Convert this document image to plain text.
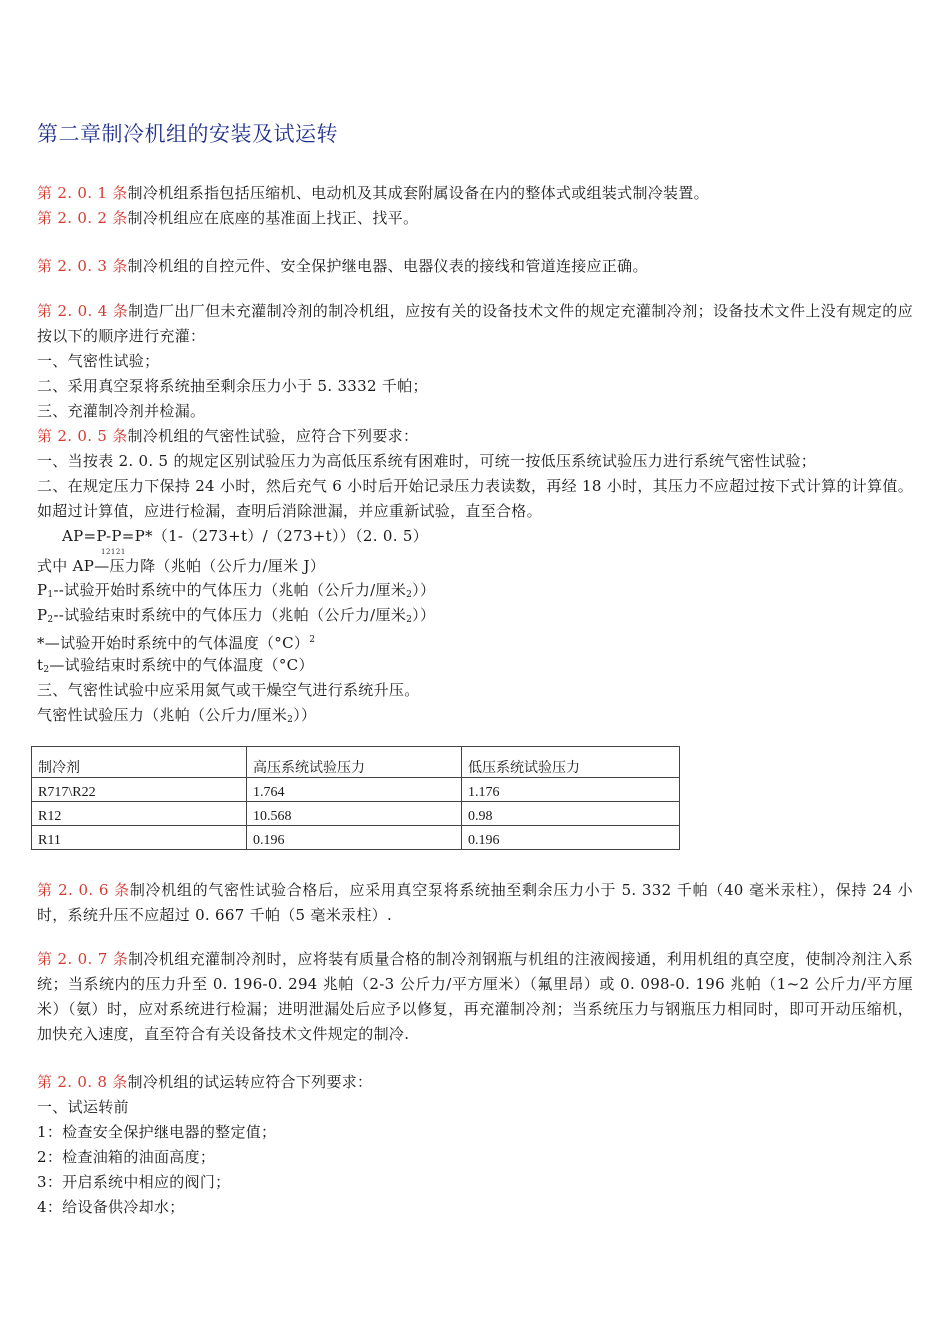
第二章制冷机组的安装及试运转

第 2. 0. 1 条制冷机组系指包括压缩机、电动机及其成套附属设备在内的整体式或组装式制冷装置。

第 2. 0. 2 条制冷机组应在底座的基准面上找正、找平。

第 2. 0. 3 条制冷机组的自控元件、安全保护继电器、电器仪表的接线和管道连接应正确。

第 2. 0. 4 条制造厂出厂但未充灌制冷剂的制冷机组，应按有关的设备技术文件的规定充灌制冷剂；设备技术文件上没有规定的应按以下的顺序进行充灌：

一、气密性试验；

二、采用真空泵将系统抽至剩余压力小于 5. 3332 千帕；

三、充灌制冷剂并检漏。

第 2. 0. 5 条制冷机组的气密性试验，应符合下列要求：

一、当按表 2. 0. 5 的规定区别试验压力为高低压系统有困难时，可统一按低压系统试验压力进行系统气密性试验；

二、在规定压力下保持 24 小时，然后充气 6 小时后开始记录压力表读数，再经 18 小时，其压力不应超过按下式计算的计算值。如超过计算值，应进行检漏，查明后消除泄漏，并应重新试验，直至合格。

AP=P-P=P*（1-（273+t）/（273+t））（2. 0. 5）

12121

式中 AP—压力降（兆帕（公斤力/厘米 J）

$P_1--$试验开始时系统中的气体压力（兆帕（公斤力/厘米$_2$））

$P_2--$试验结束时系统中的气体压力（兆帕（公斤力/厘米$_2$））

*—试验开始时系统中的气体温度$(^\circ C)^2$

$t_2—$试验结束时系统中的气体温度（°C）

三、气密性试验中应采用氮气或干燥空气进行系统升压。

气密性试验压力（兆帕（公斤力/厘米$_2$））

制冷剂	高压系统试验压力	低压系统试验压力
R717\R22	1.764	1.176
R12	10.568	0.98
R11	0.196	0.196

第 2. 0. 6 条制冷机组的气密性试验合格后，应采用真空泵将系统抽至剩余压力小于 5. 332 千帕（40 毫米汞柱），保持 24 小时，系统升压不应超过 0. 667 千帕（5 毫米汞柱）.

第 2. 0. 7 条制冷机组充灌制冷剂时，应将装有质量合格的制冷剂钢瓶与机组的注液阀接通，利用机组的真空度，使制冷剂注入系统；当系统内的压力升至 0. 196-0. 294 兆帕（2-3 公斤力/平方厘米）（氟里昂）或 0. 098-0. 196 兆帕（1~2 公斤力/平方厘米）（氨）时，应对系统进行检漏；进明泄漏处后应予以修复，再充灌制冷剂；当系统压力与钢瓶压力相同时，即可开动压缩机，加快充入速度，直至符合有关设备技术文件规定的制冷.

第 2. 0. 8 条制冷机组的试运转应符合下列要求：

一、试运转前

1：检查安全保护继电器的整定值；

2：检查油箱的油面高度；

3：开启系统中相应的阀门；

4：给设备供冷却水；
